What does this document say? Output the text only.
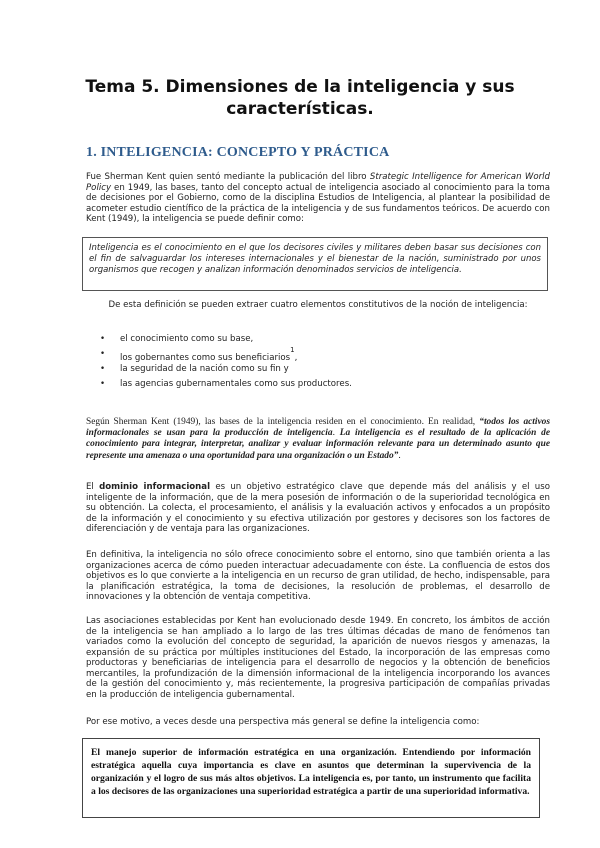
Tema 5. Dimensiones de la inteligencia y sus
características.
1. INTELIGENCIA: CONCEPTO Y PRÁCTICA

Fue Sherman Kent quien sentó mediante la publicación del libro Strategic Intelligence for American World Policy en 1949, las bases, tanto del concepto actual de inteligencia asociado al conocimiento para la toma de decisiones por el Gobierno, como de la disciplina Estudios de Inteligencia, al plantear la posibilidad de acometer estudio científico de la práctica de la inteligencia y de sus fundamentos teóricos. De acuerdo con Kent (1949), la inteligencia se puede definir como:

Inteligencia es el conocimiento en el que los decisores civiles y militares deben basar sus decisiones con el fin de salvaguardar los intereses internacionales y el bienestar de la nación, suministrado por unos organismos que recogen y analizan información denominados servicios de inteligencia.

De esta definición se pueden extraer cuatro elementos constitutivos de la noción de inteligencia:

• el conocimiento como su base,
• los gobernantes como sus beneficiarios$^1$,
• la seguridad de la nación como su fin y
• las agencias gubernamentales como sus productores.

Según Sherman Kent (1949), las bases de la inteligencia residen en el conocimiento. En realidad, “todos los activos informacionales se usan para la producción de inteligencia. La inteligencia es el resultado de la aplicación de conocimiento para integrar, interpretar, analizar y evaluar información relevante para un determinado asunto que represente una amenaza o una oportunidad para una organización o un Estado”.

El dominio informacional es un objetivo estratégico clave que depende más del análisis y el uso inteligente de la información, que de la mera posesión de información o de la superioridad tecnológica en su obtención. La colecta, el procesamiento, el análisis y la evaluación activos y enfocados a un propósito de la información y el conocimiento y su efectiva utilización por gestores y decisores son los factores de diferenciación y de ventaja para las organizaciones.

En definitiva, la inteligencia no sólo ofrece conocimiento sobre el entorno, sino que también orienta a las organizaciones acerca de cómo pueden interactuar adecuadamente con éste. La confluencia de estos dos objetivos es lo que convierte a la inteligencia en un recurso de gran utilidad, de hecho, indispensable, para la planificación estratégica, la toma de decisiones, la resolución de problemas, el desarrollo de innovaciones y la obtención de ventaja competitiva.

Las asociaciones establecidas por Kent han evolucionado desde 1949. En concreto, los ámbitos de acción de la inteligencia se han ampliado a lo largo de las tres últimas décadas de mano de fenómenos tan variados como la evolución del concepto de seguridad, la aparición de nuevos riesgos y amenazas, la expansión de su práctica por múltiples instituciones del Estado, la incorporación de las empresas como productoras y beneficiarias de inteligencia para el desarrollo de negocios y la obtención de beneficios mercantiles, la profundización de la dimensión informacional de la inteligencia incorporando los avances de la gestión del conocimiento y, más recientemente, la progresiva participación de compañías privadas en la producción de inteligencia gubernamental.

Por ese motivo, a veces desde una perspectiva más general se define la inteligencia como:

El manejo superior de información estratégica en una organización. Entendiendo por información estratégica aquella cuya importancia es clave en asuntos que determinan la supervivencia de la organización y el logro de sus más altos objetivos. La inteligencia es, por tanto, un instrumento que facilita a los decisores de las organizaciones una superioridad estratégica a partir de una superioridad informativa.
